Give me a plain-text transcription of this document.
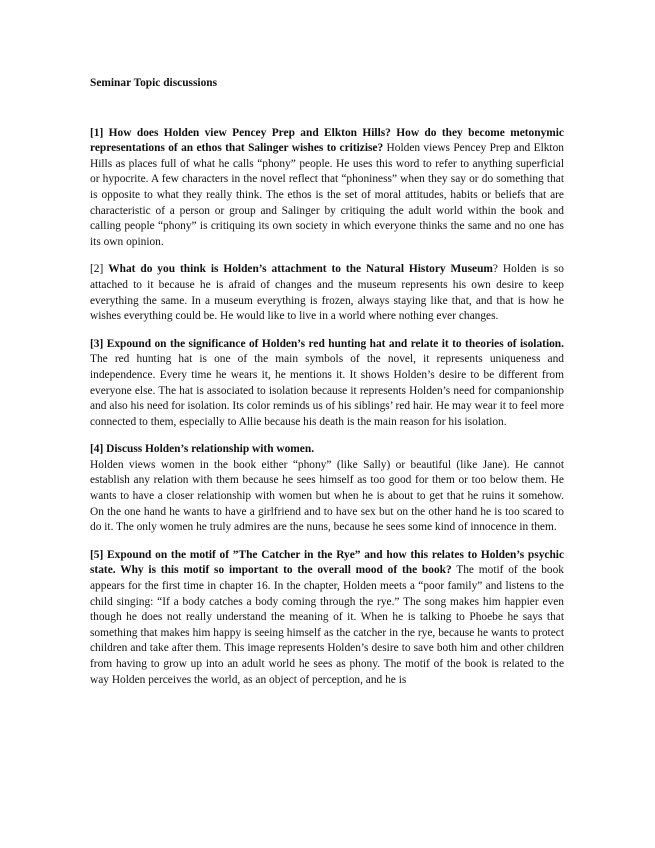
Seminar Topic discussions

[1] How does Holden view Pencey Prep and Elkton Hills? How do they become metonymic representations of an ethos that Salinger wishes to critizise? Holden views Pencey Prep and Elkton Hills as places full of what he calls “phony” people. He uses this word to refer to anything superficial or hypocrite. A few characters in the novel reflect that “phoniness” when they say or do something that is opposite to what they really think. The ethos is the set of moral attitudes, habits or beliefs that are characteristic of a person or group and Salinger by critiquing the adult world within the book and calling people “phony” is critiquing its own society in which everyone thinks the same and no one has its own opinion.

[2] What do you think is Holden’s attachment to the Natural History Museum? Holden is so attached to it because he is afraid of changes and the museum represents his own desire to keep everything the same. In a museum everything is frozen, always staying like that, and that is how he wishes everything could be. He would like to live in a world where nothing ever changes.

[3] Expound on the significance of Holden’s red hunting hat and relate it to theories of isolation. The red hunting hat is one of the main symbols of the novel, it represents uniqueness and independence. Every time he wears it, he mentions it. It shows Holden’s desire to be different from everyone else. The hat is associated to isolation because it represents Holden’s need for companionship and also his need for isolation. Its color reminds us of his siblings’ red hair. He may wear it to feel more connected to them, especially to Allie because his death is the main reason for his isolation.

[4] Discuss Holden’s relationship with women.
Holden views women in the book either “phony” (like Sally) or beautiful (like Jane). He cannot establish any relation with them because he sees himself as too good for them or too below them. He wants to have a closer relationship with women but when he is about to get that he ruins it somehow. On the one hand he wants to have a girlfriend and to have sex but on the other hand he is too scared to do it. The only women he truly admires are the nuns, because he sees some kind of innocence in them.

[5] Expound on the motif of ”The Catcher in the Rye” and how this relates to Holden’s psychic state. Why is this motif so important to the overall mood of the book? The motif of the book appears for the first time in chapter 16. In the chapter, Holden meets a “poor family” and listens to the child singing: “If a body catches a body coming through the rye.” The song makes him happier even though he does not really understand the meaning of it. When he is talking to Phoebe he says that something that makes him happy is seeing himself as the catcher in the rye, because he wants to protect children and take after them. This image represents Holden’s desire to save both him and other children from having to grow up into an adult world he sees as phony. The motif of the book is related to the way Holden perceives the world, as an object of perception, and he is
